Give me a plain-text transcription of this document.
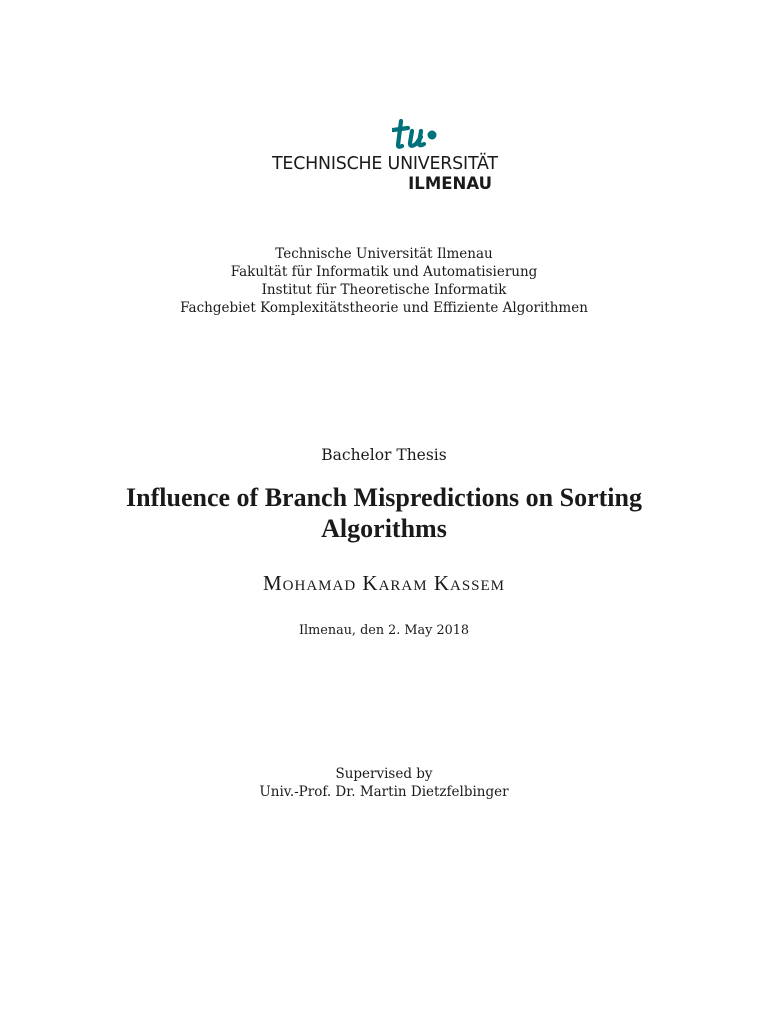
TECHNISCHE UNIVERSITÄT
ILMENAU
Technische Universität Ilmenau
Fakultät für Informatik und Automatisierung
Institut für Theoretische Informatik
Fachgebiet Komplexitätstheorie und Effiziente Algorithmen
Bachelor Thesis
Influence of Branch Mispredictions on Sorting Algorithms
Mohamad Karam Kassem
Ilmenau, den 2. May 2018
Supervised by
Univ.-Prof. Dr. Martin Dietzfelbinger
